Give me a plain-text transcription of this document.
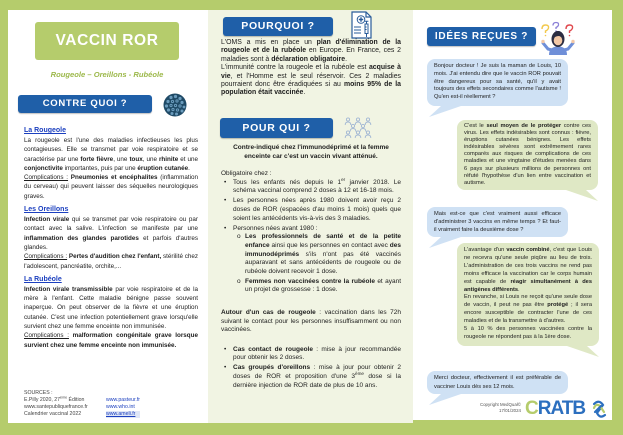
VACCIN ROR
Rougeole – Oreillons - Rubéole
CONTRE QUOI ?
La Rougeole

La rougeole est l'une des maladies infectieuses les plus contagieuses. Elle se transmet par voie respiratoire et se caractérise par une forte fièvre, une toux, une rhinite et une conjonctivite importantes, puis par une éruption cutanée.

Complications : Pneumonies et encéphalites (inflammation du cerveau) qui peuvent laisser des séquelles neurologiques graves.

Les Oreillons

Infection virale qui se transmet par voie respiratoire ou par contact avec la salive. L'infection se manifeste par une inflammation des glandes parotides et parfois d'autres glandes.

Complications : Pertes d'audition chez l'enfant, stérilité chez l'adolescent, pancréatite, orchite,...

La Rubéole

Infection virale transmissible par voie respiratoire et de la mère à l'enfant. Cette maladie bénigne passe souvent inaperçue. On peut observer de la fièvre et une éruption cutanée. C'est une infection potentiellement grave lorsqu'elle survient chez une femme enceinte non immunisée.

Complications : malformation congénitale grave lorsque survient chez une femme enceinte non immunisée.

SOURCES :
E.Pilly 2020, 27ème Édition
www.santepubliquefrance.fr
Calendrier vaccinal 2022
www.pasteur.fr
www.who.int
www.ameli.fr
POURQUOI ?

L'OMS a mis en place un plan d'élimination de la rougeole et de la rubéole en Europe. En France, ces 2 maladies sont à déclaration obligatoire.

L'immunité contre la rougeole et la rubéole est acquise à vie, et l'Homme est le seul réservoir. Ces 2 maladies pourraient donc être éradiquées si au moins 95% de la population était vaccinée.

POUR QUI ?

Contre-indiqué chez l'immunodéprimé et la femme enceinte car c'est un vaccin vivant atténué.

Obligatoire chez :

• Tous les enfants nés depuis le 1er janvier 2018. Le schéma vaccinal comprend 2 doses à 12 et 16-18 mois.
• Les personnes nées après 1980 doivent avoir reçu 2 doses de ROR (espacées d'au moins 1 mois) quels que soient les antécédents vis-à-vis des 3 maladies.
• Personnes nées avant 1980 :
o Les professionnels de santé et de la petite enfance ainsi que les personnes en contact avec des immunodéprimés s'ils n'ont pas été vaccinés auparavant et sans antécédents de rougeole ou de rubéole doivent recevoir 1 dose.
o Femmes non vaccinées contre la rubéole et ayant un projet de grossesse : 1 dose.

Autour d'un cas de rougeole : vaccination dans les 72h suivant le contact pour les personnes insuffisamment ou non vaccinées.

• Cas contact de rougeole : mise à jour recommandée pour obtenir les 2 doses.
• Cas groupés d'oreillons : mise à jour pour obtenir 2 doses de ROR et proposition d'une 3ème dose si la dernière injection de ROR date de plus de 10 ans.
IDÉES REÇUES ?

Bonjour docteur ! Je suis la maman de Louis, 10 mois. J'ai entendu dire que le vaccin ROR pouvait être dangereux pour sa santé, qu'il y avait toujours des effets secondaires comme l'autisme ! Qu'en est-il réellement ?

C'est le seul moyen de le protéger contre ces virus. Les effets indésirables sont connus : fièvre, éruptions cutanées bénignes. Les effets indésirables sévères sont extrêmement rares comparés aux risques de complications de ces maladies et une vingtaine d'études menées dans 6 pays sur plusieurs millions de personnes ont réfuté l'hypothèse d'un lien entre vaccination et autisme.

Mais est-ce que c'est vraiment aussi efficace d'administrer 3 vaccins en même temps ? Et faut-il vraiment faire la deuxième dose ?

L'avantage d'un vaccin combiné, c'est que Louis ne recevra qu'une seule piqûre au lieu de trois. L'administration de ces trois vaccins ne rend pas moins efficace la vaccination car le corps humain est capable de réagir simultanément à des antigènes différents.

En revanche, si Louis ne reçoit qu'une seule dose de vaccin, il peut ne pas être protégé ; il sera encore susceptible de contracter l'une de ces maladies et de la transmettre à d'autres.

5 à 10 % des personnes vaccinées contre la rougeole ne répondent pas à la 1ère dose.

Merci docteur, effectivement il est préférable de vacciner Louis dès ses 12 mois.

Copyright MedQual©
17/01/2024 CRATB
